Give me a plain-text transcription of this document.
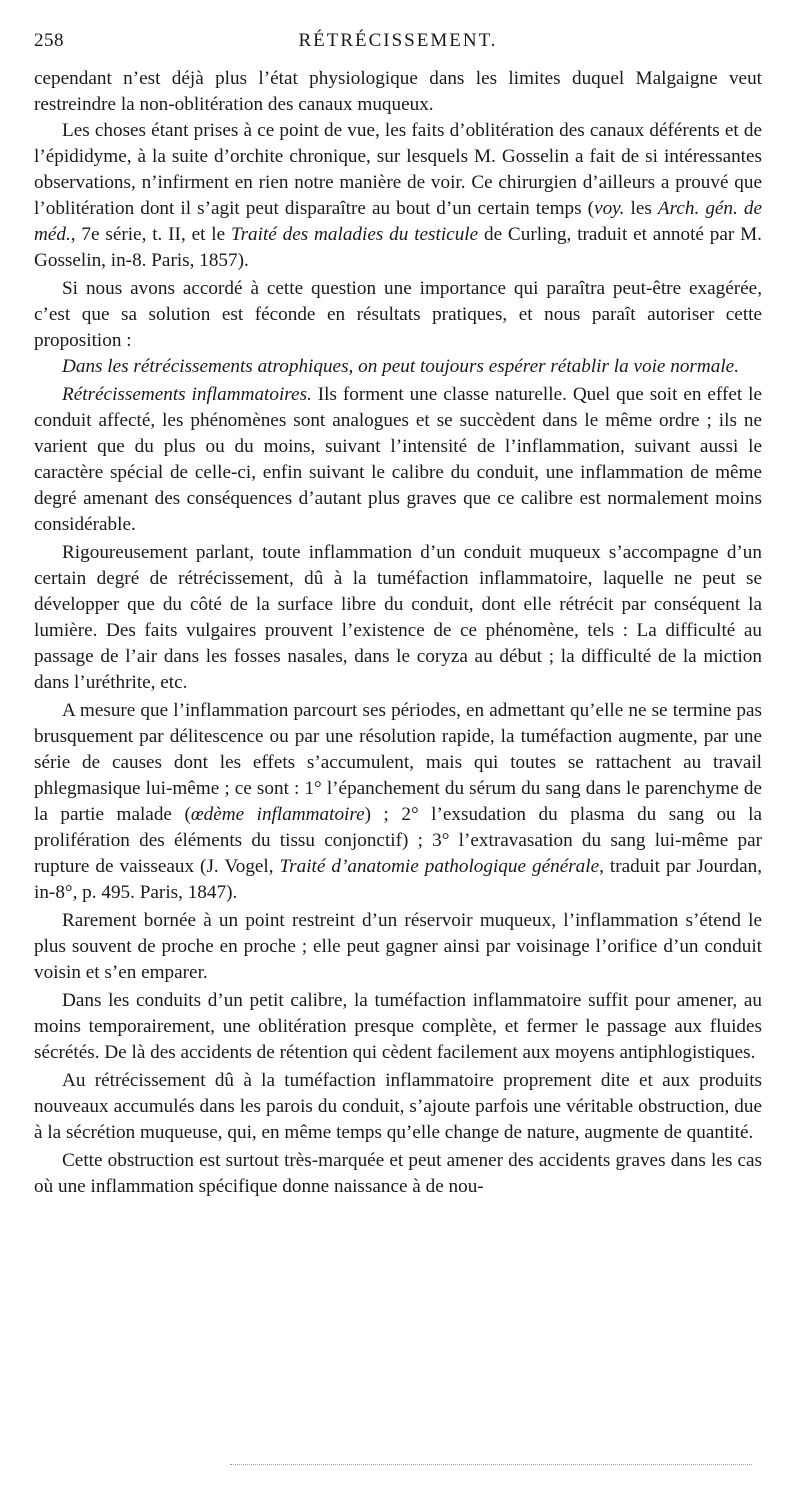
258	RÉTRÉCISSEMENT.

cependant n’est déjà plus l’état physiologique dans les limites duquel Malgaigne veut restreindre la non-oblitération des canaux muqueux.

Les choses étant prises à ce point de vue, les faits d’oblitération des canaux déférents et de l’épididyme, à la suite d’orchite chronique, sur lesquels M. Gosselin a fait de si intéressantes observations, n’infirment en rien notre manière de voir. Ce chirurgien d’ailleurs a prouvé que l’oblitération dont il s’agit peut disparaître au bout d’un certain temps (voy. les Arch. gén. de méd., 7e série, t. II, et le Traité des maladies du testicule de Curling, traduit et annoté par M. Gosselin, in-8. Paris, 1857).

Si nous avons accordé à cette question une importance qui paraîtra peut-être exagérée, c’est que sa solution est féconde en résultats pratiques, et nous paraît autoriser cette proposition :

Dans les rétrécissements atrophiques, on peut toujours espérer rétablir la voie normale.

Rétrécissements inflammatoires. Ils forment une classe naturelle. Quel que soit en effet le conduit affecté, les phénomènes sont analogues et se succèdent dans le même ordre ; ils ne varient que du plus ou du moins, suivant l’intensité de l’inflammation, suivant aussi le caractère spécial de celle-ci, enfin suivant le calibre du conduit, une inflammation de même degré amenant des conséquences d’autant plus graves que ce calibre est normalement moins considérable.

Rigoureusement parlant, toute inflammation d’un conduit muqueux s’accompagne d’un certain degré de rétrécissement, dû à la tuméfaction inflammatoire, laquelle ne peut se développer que du côté de la surface libre du conduit, dont elle rétrécit par conséquent la lumière. Des faits vulgaires prouvent l’existence de ce phénomène, tels : La difficulté au passage de l’air dans les fosses nasales, dans le coryza au début ; la difficulté de la miction dans l’uréthrite, etc.

A mesure que l’inflammation parcourt ses périodes, en admettant qu’elle ne se termine pas brusquement par délitescence ou par une résolution rapide, la tuméfaction augmente, par une série de causes dont les effets s’accumulent, mais qui toutes se rattachent au travail phlegmasique lui-même ; ce sont : 1° l’épanchement du sérum du sang dans le parenchyme de la partie malade (œdème inflammatoire) ; 2° l’exsudation du plasma du sang ou la prolifération des éléments du tissu conjonctif) ; 3° l’extravasation du sang lui-même par rupture de vaisseaux (J. Vogel, Traité d’anatomie pathologique générale, traduit par Jourdan, in-8°, p. 495. Paris, 1847).

Rarement bornée à un point restreint d’un réservoir muqueux, l’inflammation s’étend le plus souvent de proche en proche ; elle peut gagner ainsi par voisinage l’orifice d’un conduit voisin et s’en emparer.

Dans les conduits d’un petit calibre, la tuméfaction inflammatoire suffit pour amener, au moins temporairement, une oblitération presque complète, et fermer le passage aux fluides sécrétés. De là des accidents de rétention qui cèdent facilement aux moyens antiphlogistiques.

Au rétrécissement dû à la tuméfaction inflammatoire proprement dite et aux produits nouveaux accumulés dans les parois du conduit, s’ajoute parfois une véritable obstruction, due à la sécrétion muqueuse, qui, en même temps qu’elle change de nature, augmente de quantité.

Cette obstruction est surtout très-marquée et peut amener des accidents graves dans les cas où une inflammation spécifique donne naissance à de nou-
